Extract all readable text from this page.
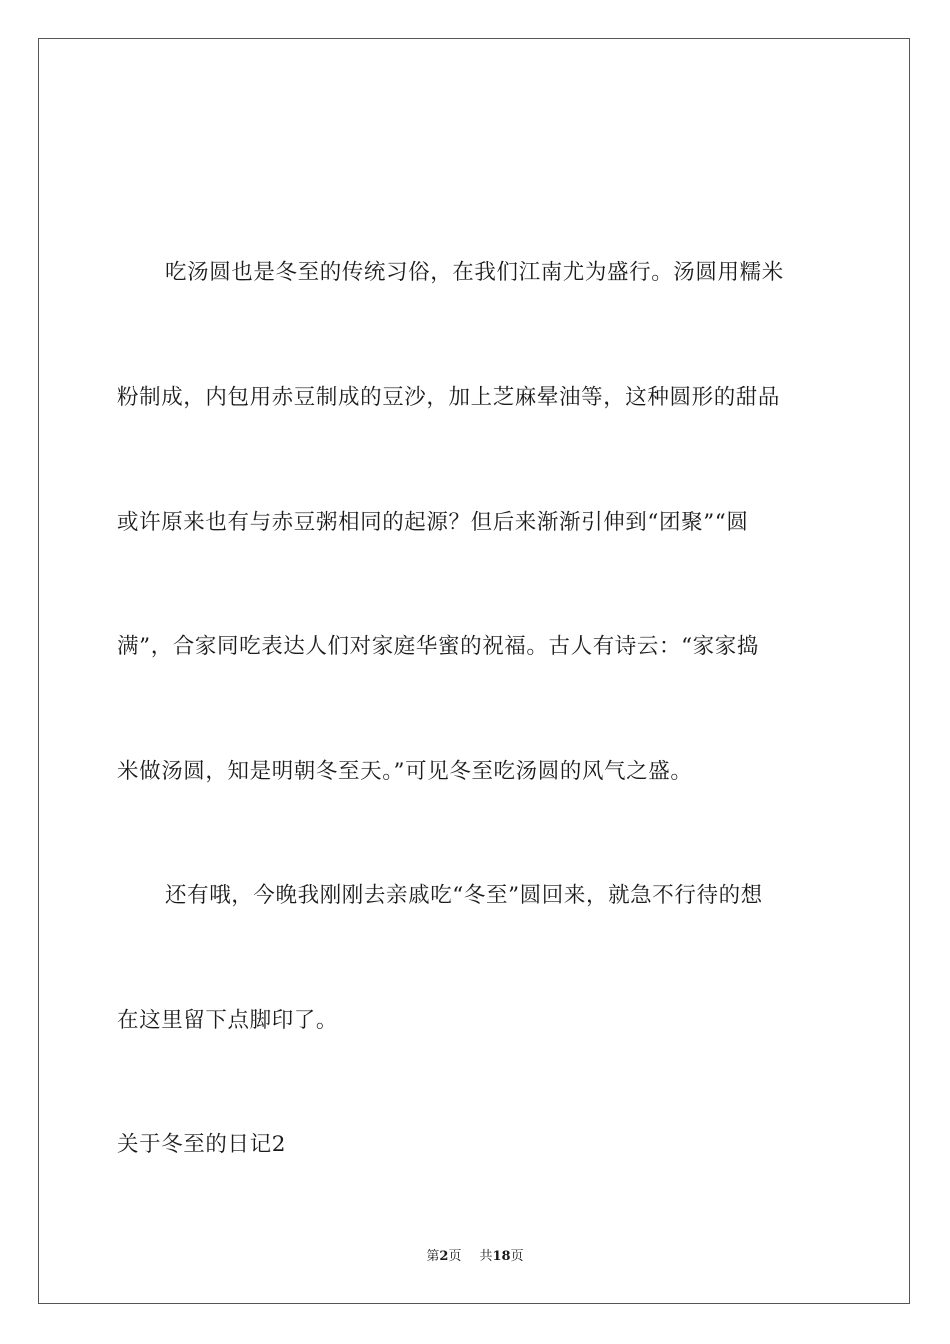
吃汤圆也是冬至的传统习俗，在我们江南尤为盛行。汤圆用糯米
粉制成，内包用赤豆制成的豆沙，加上芝麻晕油等，这种圆形的甜品
或许原来也有与赤豆粥相同的起源？但后来渐渐引伸到“团聚”“圆
满”，合家同吃表达人们对家庭华蜜的祝福。古人有诗云：“家家捣
米做汤圆，知是明朝冬至天。”可见冬至吃汤圆的风气之盛。
还有哦，今晚我刚刚去亲戚吃“冬至”圆回来，就急不行待的想
在这里留下点脚印了。
关于冬至的日记2
第2页 共18页
